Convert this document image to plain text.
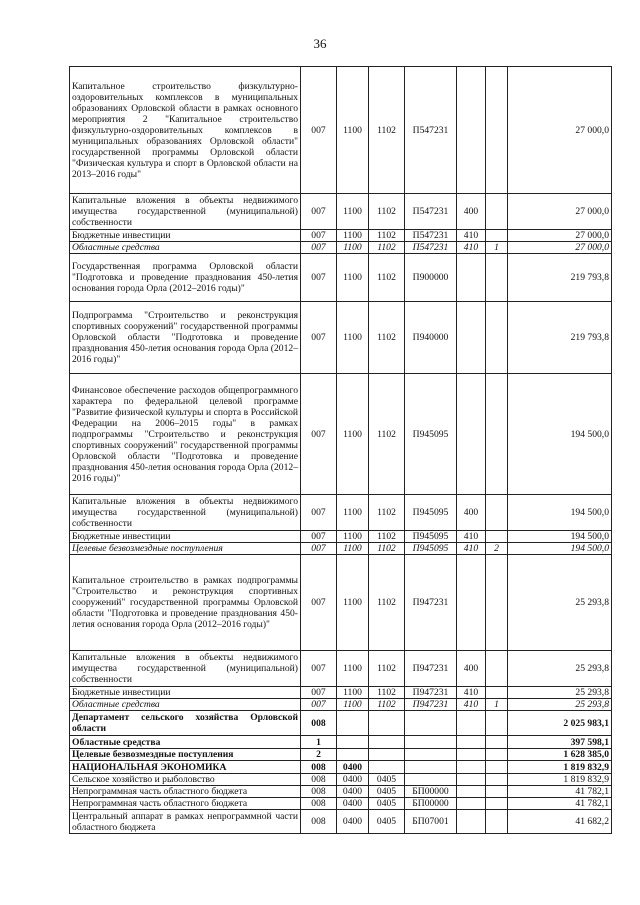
36
Капитальное строительство физкультурно-оздоровительных комплексов в муниципальных образованиях Орловской области в рамках основного мероприятия 2 "Капитальное строительство физкультурно-оздоровительных комплексов в муниципальных образованиях Орловской области" государственной программы Орловской области "Физическая культура и спорт в Орловской области на 2013–2016 годы"	007	1100	1102	П547231			27 000,0
Капитальные вложения в объекты недвижимого имущества государственной (муниципальной) собственности	007	1100	1102	П547231	400		27 000,0
Бюджетные инвестиции	007	1100	1102	П547231	410		27 000,0
Областные средства	007	1100	1102	П547231	410	1	27 000,0
Государственная программа Орловской области "Подготовка и проведение празднования 450-летия основания города Орла (2012–2016 годы)"	007	1100	1102	П900000			219 793,8
Подпрограмма "Строительство и реконструкция спортивных сооружений" государственной программы Орловской области "Подготовка и проведение празднования 450-летия основания города Орла (2012–2016 годы)"	007	1100	1102	П940000			219 793,8
Финансовое обеспечение расходов общепрограммного характера по федеральной целевой программе "Развитие физической культуры и спорта в Российской Федерации на 2006–2015 годы" в рамках подпрограммы "Строительство и реконструкция спортивных сооружений" государственной программы Орловской области "Подготовка и проведение празднования 450-летия основания города Орла (2012–2016 годы)"	007	1100	1102	П945095			194 500,0
Капитальные вложения в объекты недвижимого имущества государственной (муниципальной) собственности	007	1100	1102	П945095	400		194 500,0
Бюджетные инвестиции	007	1100	1102	П945095	410		194 500,0
Целевые безвозмездные поступления	007	1100	1102	П945095	410	2	194 500,0
Капитальное строительство в рамках подпрограммы "Строительство и реконструкция спортивных сооружений" государственной программы Орловской области "Подготовка и проведение празднования 450-летия основания города Орла (2012–2016 годы)"	007	1100	1102	П947231			25 293,8
Капитальные вложения в объекты недвижимого имущества государственной (муниципальной) собственности	007	1100	1102	П947231	400		25 293,8
Бюджетные инвестиции	007	1100	1102	П947231	410		25 293,8
Областные средства	007	1100	1102	П947231	410	1	25 293,8
Департамент сельского хозяйства Орловской области	008						2 025 983,1
Областные средства	1						397 598,1
Целевые безвозмездные поступления	2						1 628 385,0
НАЦИОНАЛЬНАЯ ЭКОНОМИКА	008	0400					1 819 832,9
Сельское хозяйство и рыболовство	008	0400	0405				1 819 832,9
Непрограммная часть областного бюджета	008	0400	0405	БП00000			41 782,1
Непрограммная часть областного бюджета	008	0400	0405	БП00000			41 782,1
Центральный аппарат в рамках непрограммной части областного бюджета	008	0400	0405	БП07001			41 682,2
